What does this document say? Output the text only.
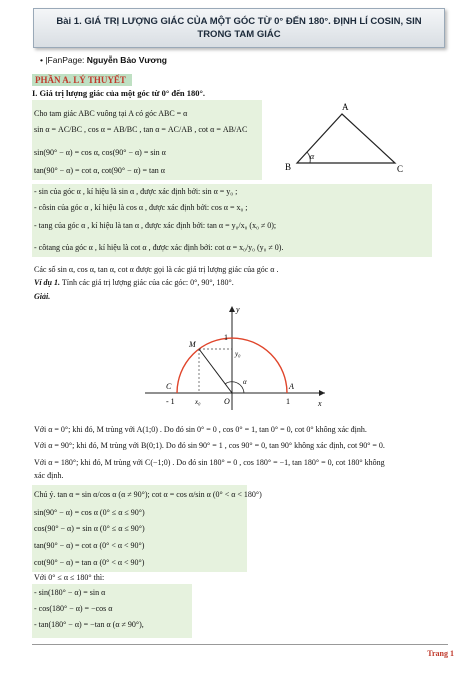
Bài 1. GIÁ TRỊ LƯỢNG GIÁC CỦA MỘT GÓC TỪ 0° ĐẾN 180°. ĐỊNH LÍ COSIN, SIN
TRONG TAM GIÁC
• |FanPage: Nguyễn Bảo Vương
PHẦN A. LÝ THUYẾT
I. Giá trị lượng giác của một góc từ 0° đến 180°.
Cho tam giác ABC vuông tại A có góc ABC = α
sin α = AC/BC , cos α = AB/BC , tan α = AC/AB , cot α = AB/AC
sin(90° − α) = cos α, cos(90° − α) = sin α
tan(90° − α) = cot α, cot(90° − α) = tan α
A
B	C
α
- sin của góc α , kí hiệu là sin α , được xác định bởi: sin α = y₀ ;
- côsin của góc α , kí hiệu là cos α , được xác định bởi: cos α = x₀ ;
- tang của góc α , kí hiệu là tan α , được xác định bởi: tan α = y₀/x₀ (x₀ ≠ 0);
- côtang của góc α , kí hiệu là cot α , được xác định bởi: cot α = x₀/y₀ (y₀ ≠ 0).
Các số sin α, cos α, tan α, cot α được gọi là các giá trị lượng giác của góc α .
Ví dụ 1. Tính các giá trị lượng giác của các góc: 0°, 90°, 180°.
Giải.
y
x
M
y₀
x₀
α	A
O
- 1	1
C
1
Với α = 0°; khi đó, M trùng với A(1;0) . Do đó sin 0° = 0 , cos 0° = 1, tan 0° = 0, cot 0° không xác định.
Với α = 90°; khi đó, M trùng với B(0;1). Do đó sin 90° = 1 , cos 90° = 0, tan 90° không xác định, cot 90° = 0.
Với α = 180°; khi đó, M trùng với C(−1;0) . Do đó sin 180° = 0 , cos 180° = −1, tan 180° = 0, cot 180° không
xác định.
Chú ý. tan α = sin α/cos α (α ≠ 90°); cot α = cos α/sin α (0° < α < 180°)
sin(90° − α) = cos α (0° ≤ α ≤ 90°)
cos(90° − α) = sin α (0° ≤ α ≤ 90°)
tan(90° − α) = cot α (0° < α < 90°)
cot(90° − α) = tan α (0° < α < 90°)
Với 0° ≤ α ≤ 180° thì:
- sin(180° − α) = sin α
- cos(180° − α) = −cos α
- tan(180° − α) = −tan α (α ≠ 90°),
Trang 1
